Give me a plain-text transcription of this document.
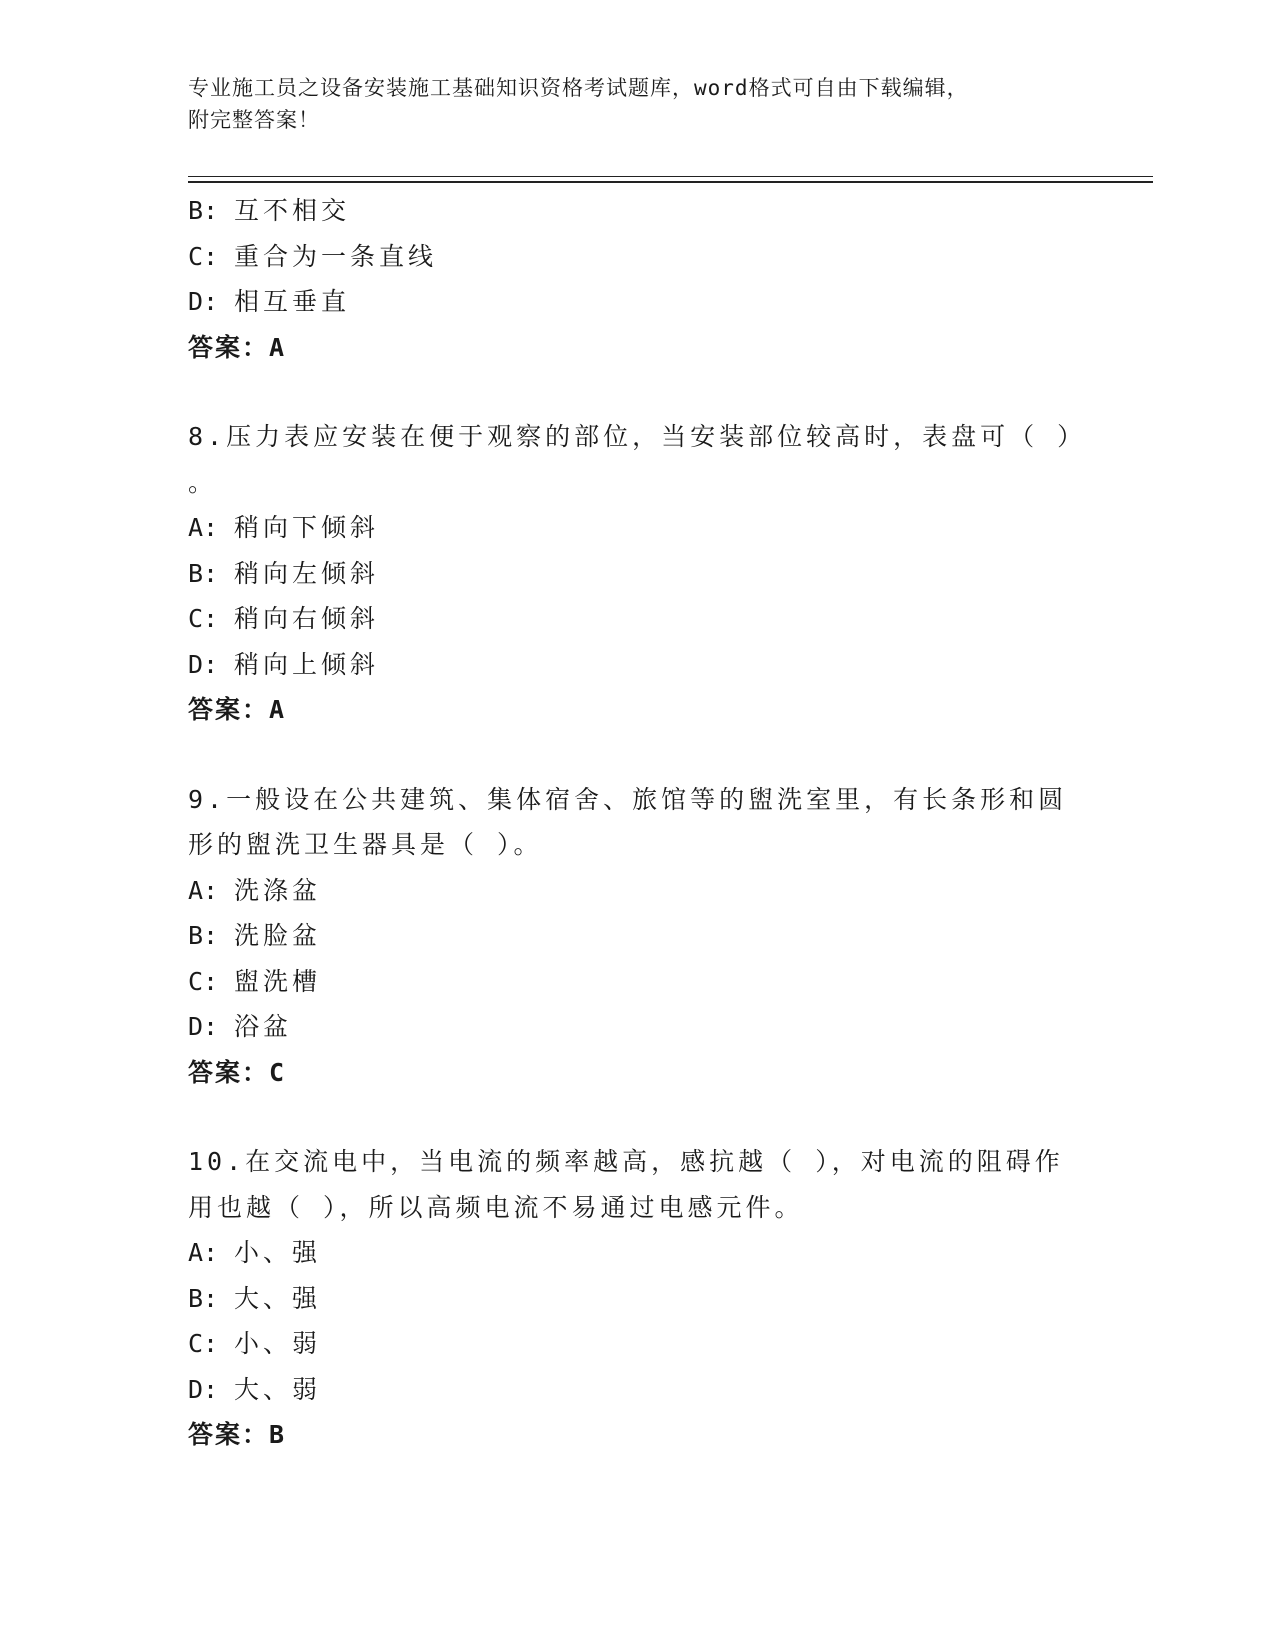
专业施工员之设备安装施工基础知识资格考试题库，word格式可自由下载编辑，
附完整答案！
B: 互不相交
C: 重合为一条直线
D: 相互垂直
答案：A
8.压力表应安装在便于观察的部位，当安装部位较高时，表盘可（ ）
。
A: 稍向下倾斜
B: 稍向左倾斜
C: 稍向右倾斜
D: 稍向上倾斜
答案：A
9.一般设在公共建筑、集体宿舍、旅馆等的盥洗室里，有长条形和圆
形的盥洗卫生器具是（ ）。
A: 洗涤盆
B: 洗脸盆
C: 盥洗槽
D: 浴盆
答案：C
10.在交流电中，当电流的频率越高，感抗越（ ），对电流的阻碍作
用也越（ ），所以高频电流不易通过电感元件。
A: 小、强
B: 大、强
C: 小、弱
D: 大、弱
答案：B
